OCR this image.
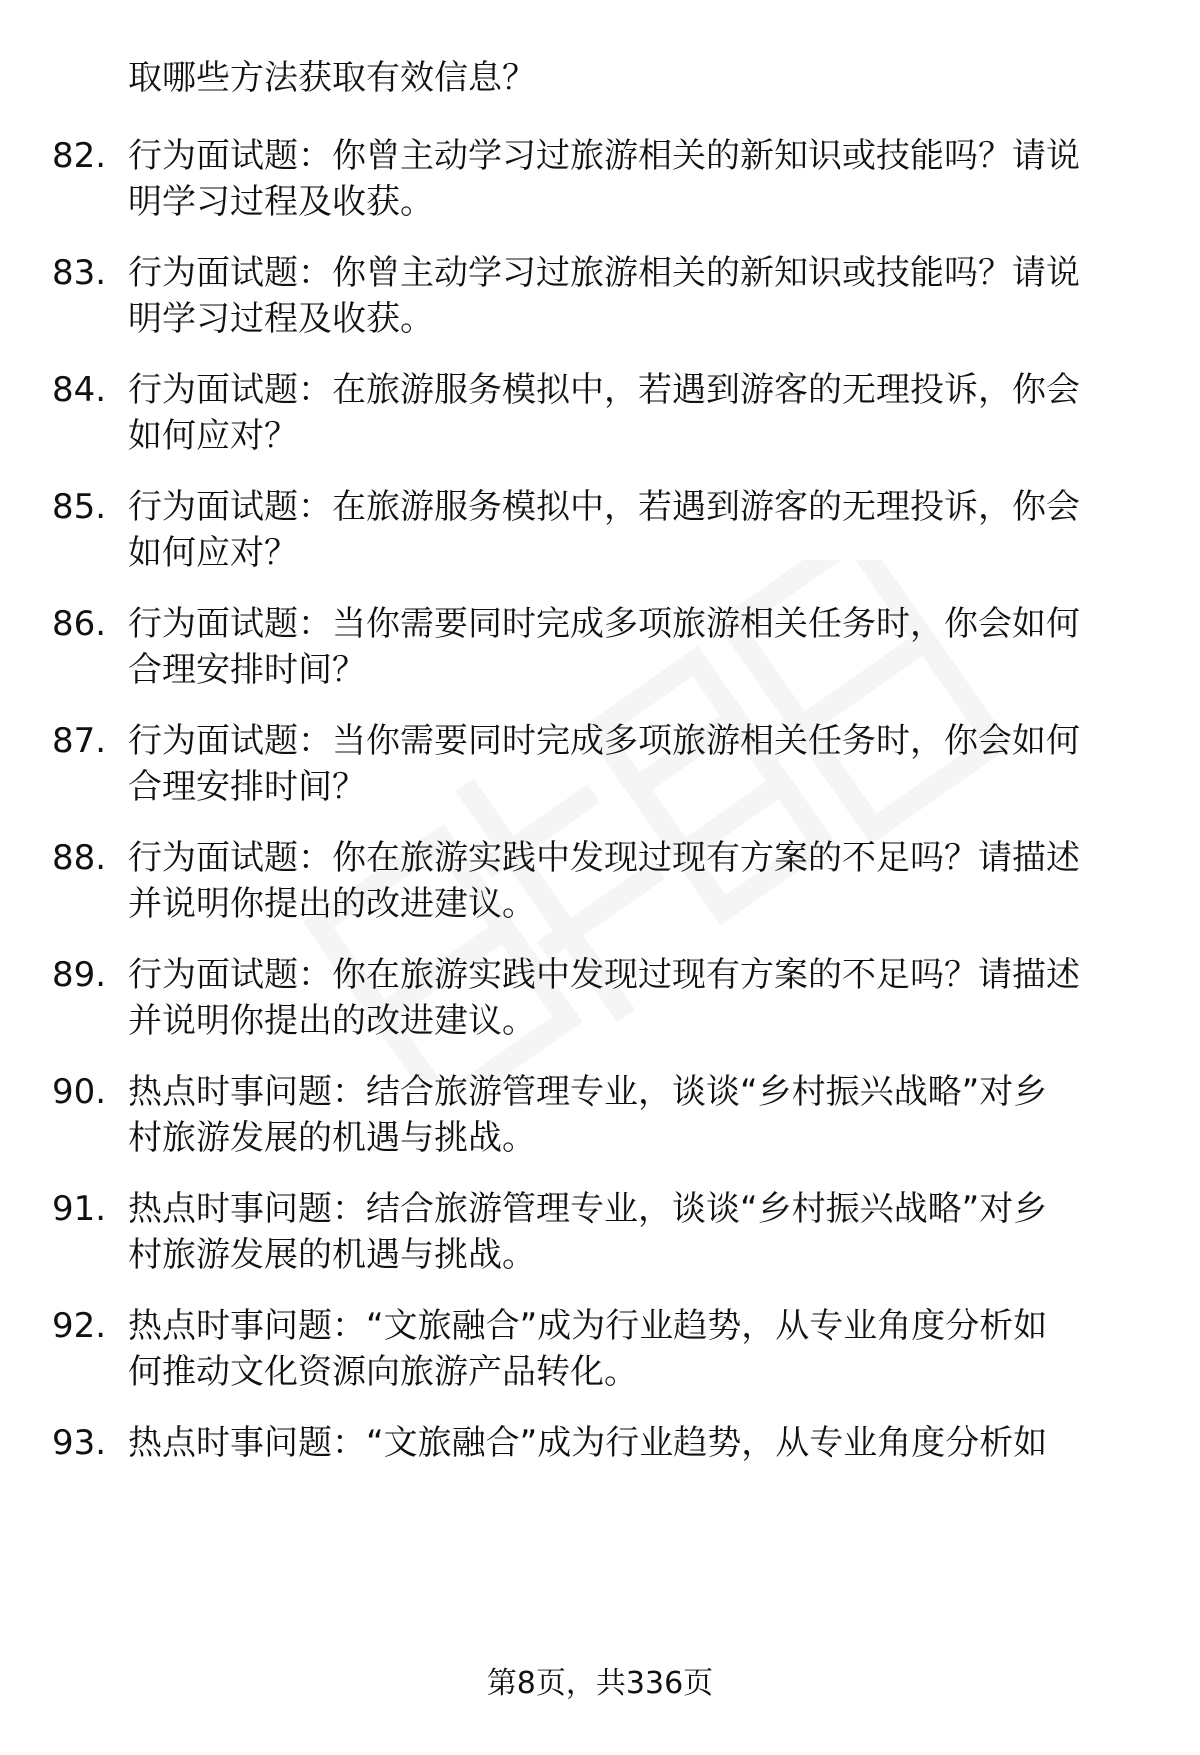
取哪些方法获取有效信息？
82. 行为面试题：你曾主动学习过旅游相关的新知识或技能吗？请说
明学习过程及收获。
83. 行为面试题：你曾主动学习过旅游相关的新知识或技能吗？请说
明学习过程及收获。
84. 行为面试题：在旅游服务模拟中，若遇到游客的无理投诉，你会
如何应对？
85. 行为面试题：在旅游服务模拟中，若遇到游客的无理投诉，你会
如何应对？
86. 行为面试题：当你需要同时完成多项旅游相关任务时，你会如何
合理安排时间？
87. 行为面试题：当你需要同时完成多项旅游相关任务时，你会如何
合理安排时间？
88. 行为面试题：你在旅游实践中发现过现有方案的不足吗？请描述
并说明你提出的改进建议。
89. 行为面试题：你在旅游实践中发现过现有方案的不足吗？请描述
并说明你提出的改进建议。
90. 热点时事问题：结合旅游管理专业，谈谈“乡村振兴战略”对乡
村旅游发展的机遇与挑战。
91. 热点时事问题：结合旅游管理专业，谈谈“乡村振兴战略”对乡
村旅游发展的机遇与挑战。
92. 热点时事问题：“文旅融合”成为行业趋势，从专业角度分析如
何推动文化资源向旅游产品转化。
93. 热点时事问题：“文旅融合”成为行业趋势，从专业角度分析如
第8页，共336页
